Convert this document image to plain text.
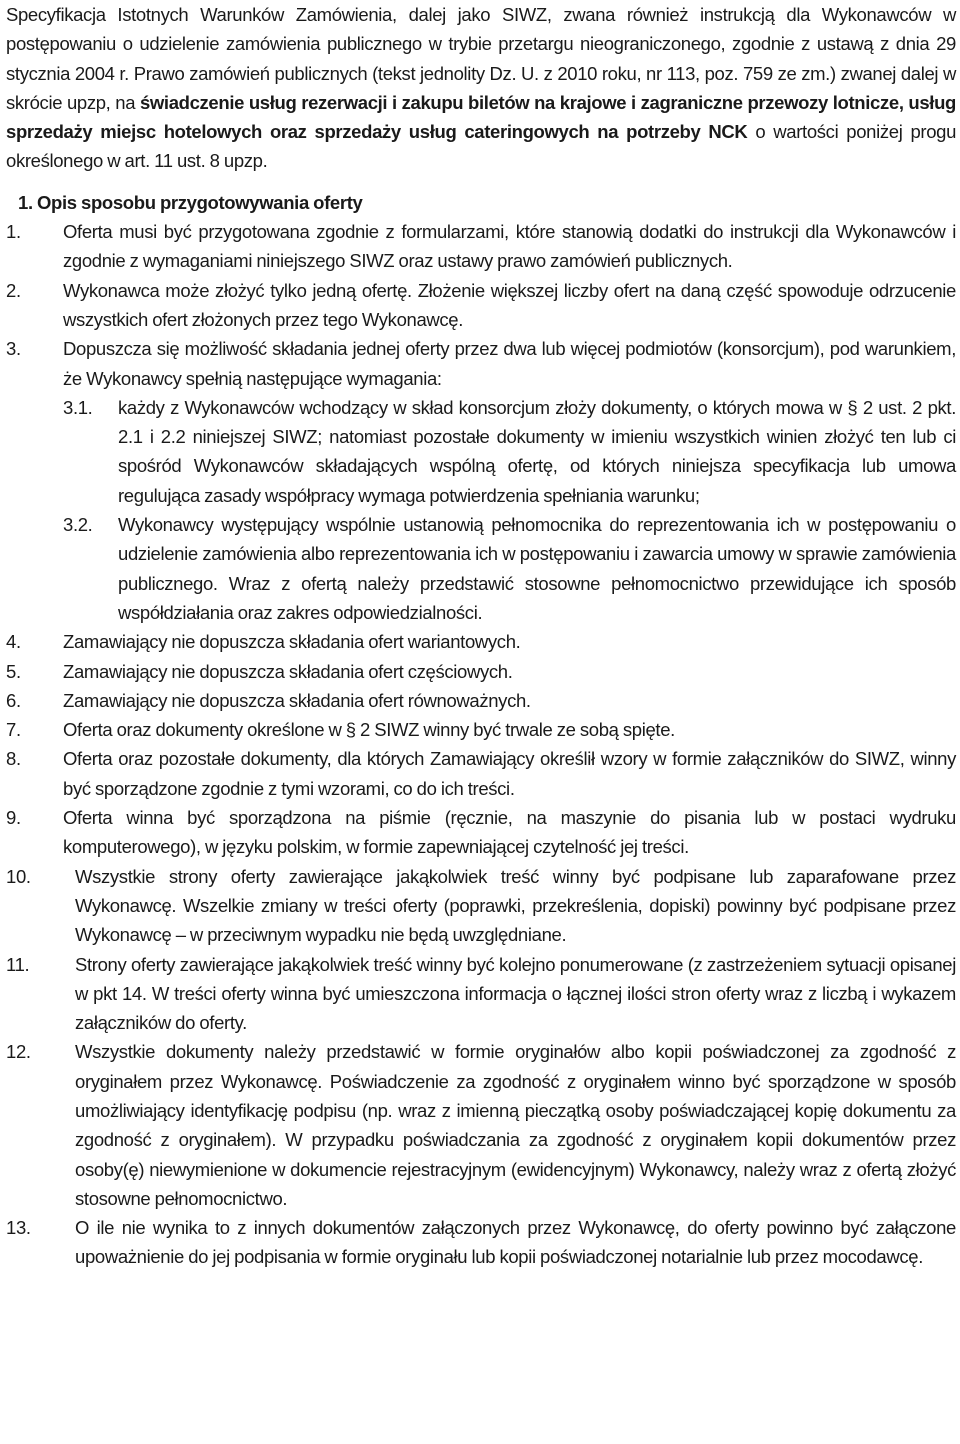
Specyfikacja Istotnych Warunków Zamówienia, dalej jako SIWZ, zwana również instrukcją dla Wykonawców w postępowaniu o udzielenie zamówienia publicznego w trybie przetargu nieograniczonego, zgodnie z ustawą z dnia 29 stycznia 2004 r. Prawo zamówień publicznych (tekst jednolity Dz. U. z 2010 roku, nr 113, poz. 759 ze zm.) zwanej dalej w skrócie upzp, na świadczenie usług rezerwacji i zakupu biletów na krajowe i zagraniczne przewozy lotnicze, usług sprzedaży miejsc hotelowych oraz sprzedaży usług cateringowych na potrzeby NCK o wartości poniżej progu określonego w art. 11 ust. 8 upzp.

1. Opis sposobu przygotowywania oferty
1.	Oferta musi być przygotowana zgodnie z formularzami, które stanowią dodatki do instrukcji dla Wykonawców i zgodnie z wymaganiami niniejszego SIWZ oraz ustawy prawo zamówień publicznych.
2.	Wykonawca może złożyć tylko jedną ofertę. Złożenie większej liczby ofert na daną część spowoduje odrzucenie wszystkich ofert złożonych przez tego Wykonawcę.
3.	Dopuszcza się możliwość składania jednej oferty przez dwa lub więcej podmiotów (konsorcjum), pod warunkiem, że Wykonawcy spełnią następujące wymagania:
3.1.	każdy z Wykonawców wchodzący w skład konsorcjum złoży dokumenty, o których mowa w § 2 ust. 2 pkt. 2.1 i 2.2 niniejszej SIWZ; natomiast pozostałe dokumenty w imieniu wszystkich winien złożyć ten lub ci spośród Wykonawców składających wspólną ofertę, od których niniejsza specyfikacja lub umowa regulująca zasady współpracy wymaga potwierdzenia spełniania warunku;
3.2.	Wykonawcy występujący wspólnie ustanowią pełnomocnika do reprezentowania ich w postępowaniu o udzielenie zamówienia albo reprezentowania ich w postępowaniu i zawarcia umowy w sprawie zamówienia publicznego. Wraz z ofertą należy przedstawić stosowne pełnomocnictwo przewidujące ich sposób współdziałania oraz zakres odpowiedzialności.
4.	Zamawiający nie dopuszcza składania ofert wariantowych.
5.	Zamawiający nie dopuszcza składania ofert częściowych.
6.	Zamawiający nie dopuszcza składania ofert równoważnych.
7.	Oferta oraz dokumenty określone w § 2 SIWZ winny być trwale ze sobą spięte.
8.	Oferta oraz pozostałe dokumenty, dla których Zamawiający określił wzory w formie załączników do SIWZ, winny być sporządzone zgodnie z tymi wzorami, co do ich treści.
9.	Oferta winna być sporządzona na piśmie (ręcznie, na maszynie do pisania lub w postaci wydruku komputerowego), w języku polskim, w formie zapewniającej czytelność jej treści.
10.	Wszystkie strony oferty zawierające jakąkolwiek treść winny być podpisane lub zaparafowane przez Wykonawcę. Wszelkie zmiany w treści oferty (poprawki, przekreślenia, dopiski) powinny być podpisane przez Wykonawcę – w przeciwnym wypadku nie będą uwzględniane.
11.	Strony oferty zawierające jakąkolwiek treść winny być kolejno ponumerowane (z zastrzeżeniem sytuacji opisanej w pkt 14. W treści oferty winna być umieszczona informacja o łącznej ilości stron oferty wraz z liczbą i wykazem załączników do oferty.
12.	Wszystkie dokumenty należy przedstawić w formie oryginałów albo kopii poświadczonej za zgodność z oryginałem przez Wykonawcę. Poświadczenie za zgodność z oryginałem winno być sporządzone w sposób umożliwiający identyfikację podpisu (np. wraz z imienną pieczątką osoby poświadczającej kopię dokumentu za zgodność z oryginałem). W przypadku poświadczania za zgodność z oryginałem kopii dokumentów przez osoby(ę) niewymienione w dokumencie rejestracyjnym (ewidencyjnym) Wykonawcy, należy wraz z ofertą złożyć stosowne pełnomocnictwo.
13.	O ile nie wynika to z innych dokumentów załączonych przez Wykonawcę, do oferty powinno być załączone upoważnienie do jej podpisania w formie oryginału lub kopii poświadczonej notarialnie lub przez mocodawcę.
